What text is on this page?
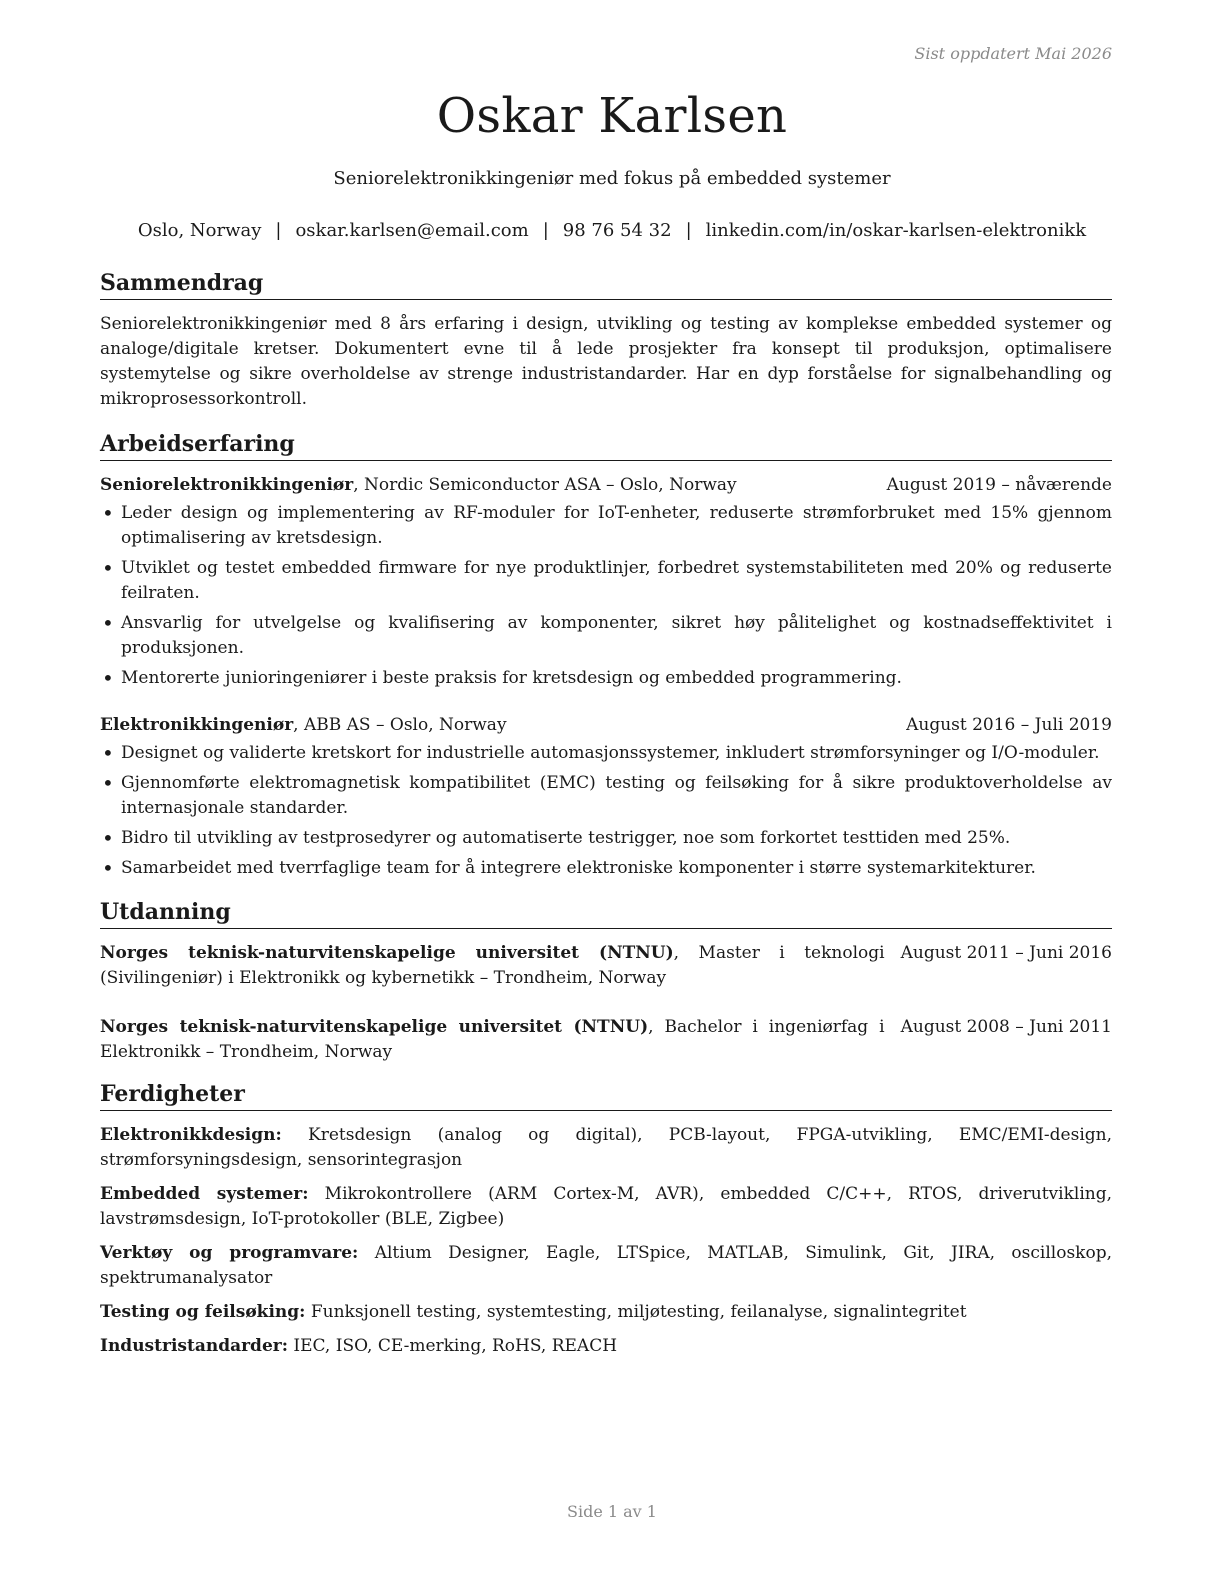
Sist oppdatert Mai 2026
Oskar Karlsen
Seniorelektronikkingeniør med fokus på embedded systemer
Oslo, Norway | oskar.karlsen@email.com | 98 76 54 32 | linkedin.com/in/oskar-karlsen-elektronikk
Sammendrag

Seniorelektronikkingeniør med 8 års erfaring i design, utvikling og testing av komplekse embedded systemer og analoge/digitale kretser. Dokumentert evne til å lede prosjekter fra konsept til produksjon, optimalisere systemytelse og sikre overholdelse av strenge industristandarder. Har en dyp forståelse for signalbehandling og mikroprosessorkontroll.

Arbeidserfaring
Seniorelektronikkingeniør, Nordic Semiconductor ASA – Oslo, Norway	August 2019 – nåværende
• Leder design og implementering av RF-moduler for IoT-enheter, reduserte strømforbruket med 15% gjennom optimalisering av kretsdesign.
• Utviklet og testet embedded firmware for nye produktlinjer, forbedret systemstabiliteten med 20% og reduserte feilraten.
• Ansvarlig for utvelgelse og kvalifisering av komponenter, sikret høy pålitelighet og kostnadseffektivitet i produksjonen.
• Mentorerte junioringeniører i beste praksis for kretsdesign og embedded programmering.
Elektronikkingeniør, ABB AS – Oslo, Norway	August 2016 – Juli 2019
• Designet og validerte kretskort for industrielle automasjonssystemer, inkludert strømforsyninger og I/O-moduler.
• Gjennomførte elektromagnetisk kompatibilitet (EMC) testing og feilsøking for å sikre produktoverholdelse av internasjonale standarder.
• Bidro til utvikling av testprosedyrer og automatiserte testrigger, noe som forkortet testtiden med 25%.
• Samarbeidet med tverrfaglige team for å integrere elektroniske komponenter i større systemarkitekturer.
Utdanning
Norges teknisk-naturvitenskapelige universitet (NTNU), Master i teknologi (Sivilingeniør) i Elektronikk og kybernetikk – Trondheim, Norway
August 2011 – Juni 2016
Norges teknisk-naturvitenskapelige universitet (NTNU), Bachelor i ingeniørfag i Elektronikk – Trondheim, Norway
August 2008 – Juni 2011
Ferdigheter

Elektronikkdesign: Kretsdesign (analog og digital), PCB-layout, FPGA-utvikling, EMC/EMI-design, strømforsyningsdesign, sensorintegrasjon

Embedded systemer: Mikrokontrollere (ARM Cortex-M, AVR), embedded C/C++, RTOS, driverutvikling, lavstrømsdesign, IoT-protokoller (BLE, Zigbee)

Verktøy og programvare: Altium Designer, Eagle, LTSpice, MATLAB, Simulink, Git, JIRA, oscilloskop, spektrumanalysator

Testing og feilsøking: Funksjonell testing, systemtesting, miljøtesting, feilanalyse, signalintegritet

Industristandarder: IEC, ISO, CE-merking, RoHS, REACH

Side 1 av 1
